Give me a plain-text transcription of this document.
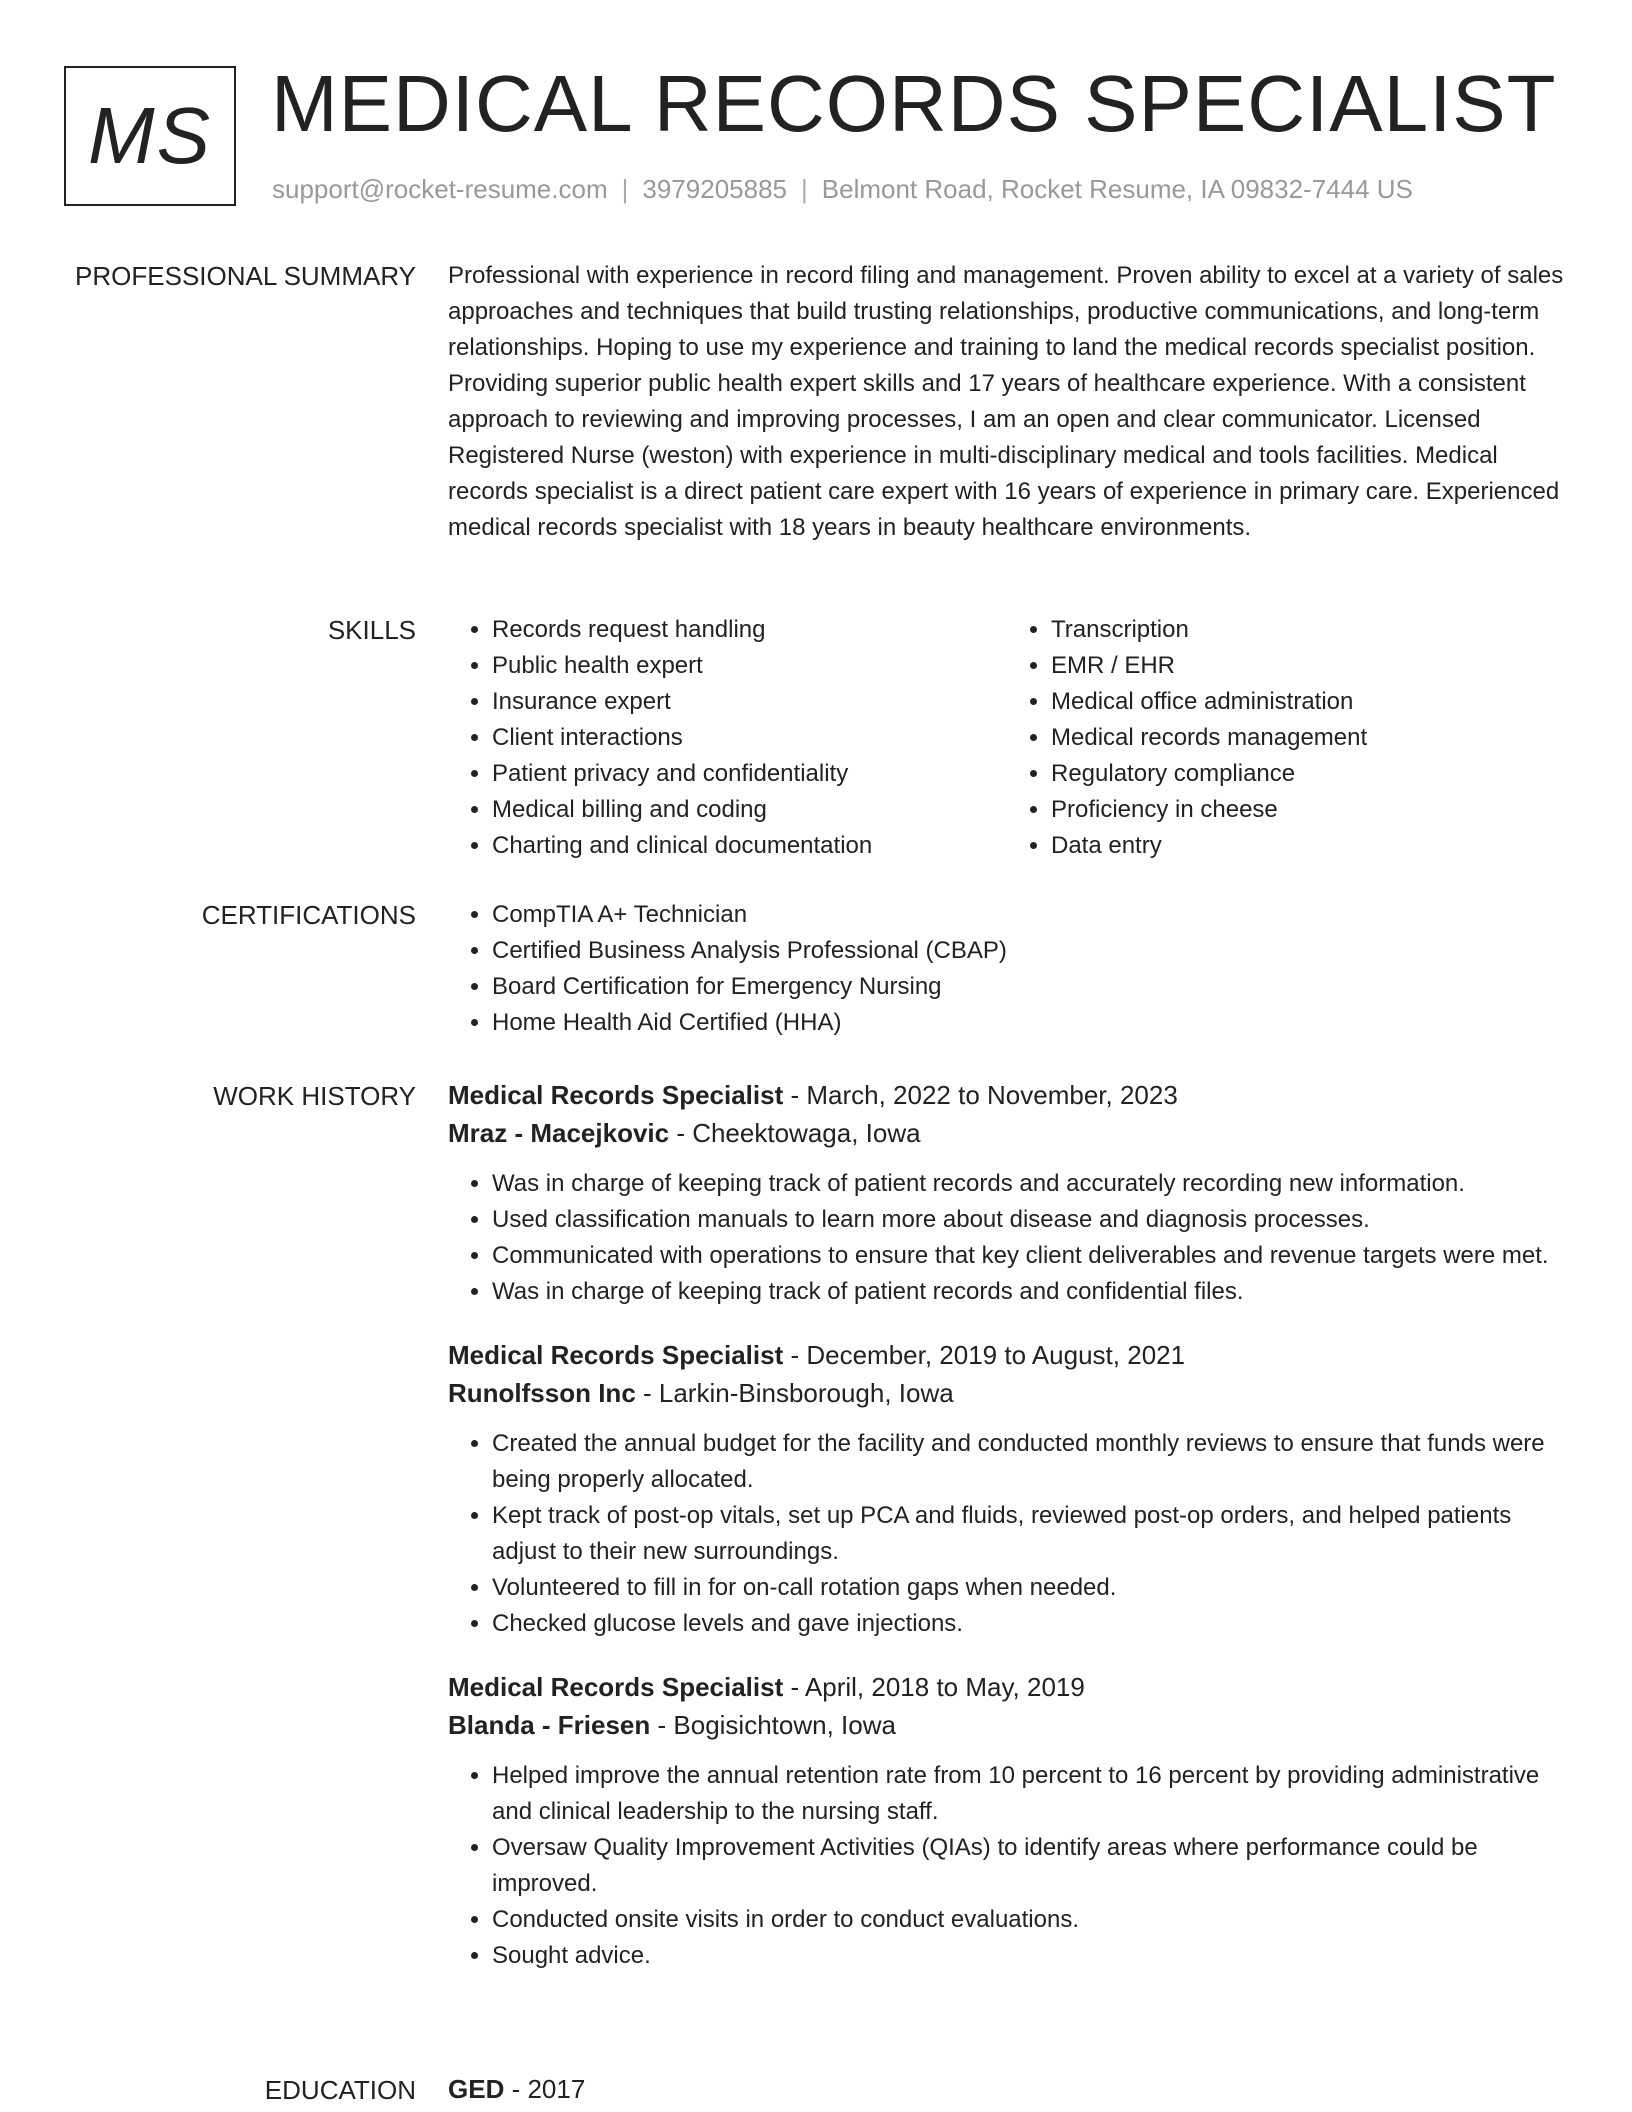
MS MEDICAL RECORDS SPECIALIST
support@rocket-resume.com | 3979205885 | Belmont Road, Rocket Resume, IA 09832-7444 US
PROFESSIONAL SUMMARY Professional with experience in record filing and management. Proven ability to excel at a variety of sales approaches and techniques that build trusting relationships, productive communications, and long-term relationships. Hoping to use my experience and training to land the medical records specialist position. Providing superior public health expert skills and 17 years of healthcare experience. With a consistent approach to reviewing and improving processes, I am an open and clear communicator. Licensed Registered Nurse (weston) with experience in multi-disciplinary medical and tools facilities. Medical records specialist is a direct patient care expert with 16 years of experience in primary care. Experienced medical records specialist with 18 years in beauty healthcare environments.

SKILLS	• Records request handling
• Public health expert
• Insurance expert
• Client interactions
• Patient privacy and confidentiality
• Medical billing and coding
• Charting and clinical documentation
• Transcription
• EMR / EHR
• Medical office administration
• Medical records management
• Regulatory compliance
• Proficiency in cheese
• Data entry
CERTIFICATIONS	• CompTIA A+ Technician
• Certified Business Analysis Professional (CBAP)
• Board Certification for Emergency Nursing
• Home Health Aid Certified (HHA)
WORK HISTORY Medical Records Specialist - March, 2022 to November, 2023
Mraz - Macejkovic - Cheektowaga, Iowa
• Was in charge of keeping track of patient records and accurately recording new information.
• Used classification manuals to learn more about disease and diagnosis processes.
• Communicated with operations to ensure that key client deliverables and revenue targets were met.
• Was in charge of keeping track of patient records and confidential files.
Medical Records Specialist - December, 2019 to August, 2021
Runolfsson Inc - Larkin-Binsborough, Iowa
• Created the annual budget for the facility and conducted monthly reviews to ensure that funds were being properly allocated.
• Kept track of post-op vitals, set up PCA and fluids, reviewed post-op orders, and helped patients adjust to their new surroundings.
• Volunteered to fill in for on-call rotation gaps when needed.
• Checked glucose levels and gave injections.
Medical Records Specialist - April, 2018 to May, 2019
Blanda - Friesen - Bogisichtown, Iowa
• Helped improve the annual retention rate from 10 percent to 16 percent by providing administrative and clinical leadership to the nursing staff.
• Oversaw Quality Improvement Activities (QIAs) to identify areas where performance could be improved.
• Conducted onsite visits in order to conduct evaluations.
• Sought advice.
EDUCATION GED - 2017
